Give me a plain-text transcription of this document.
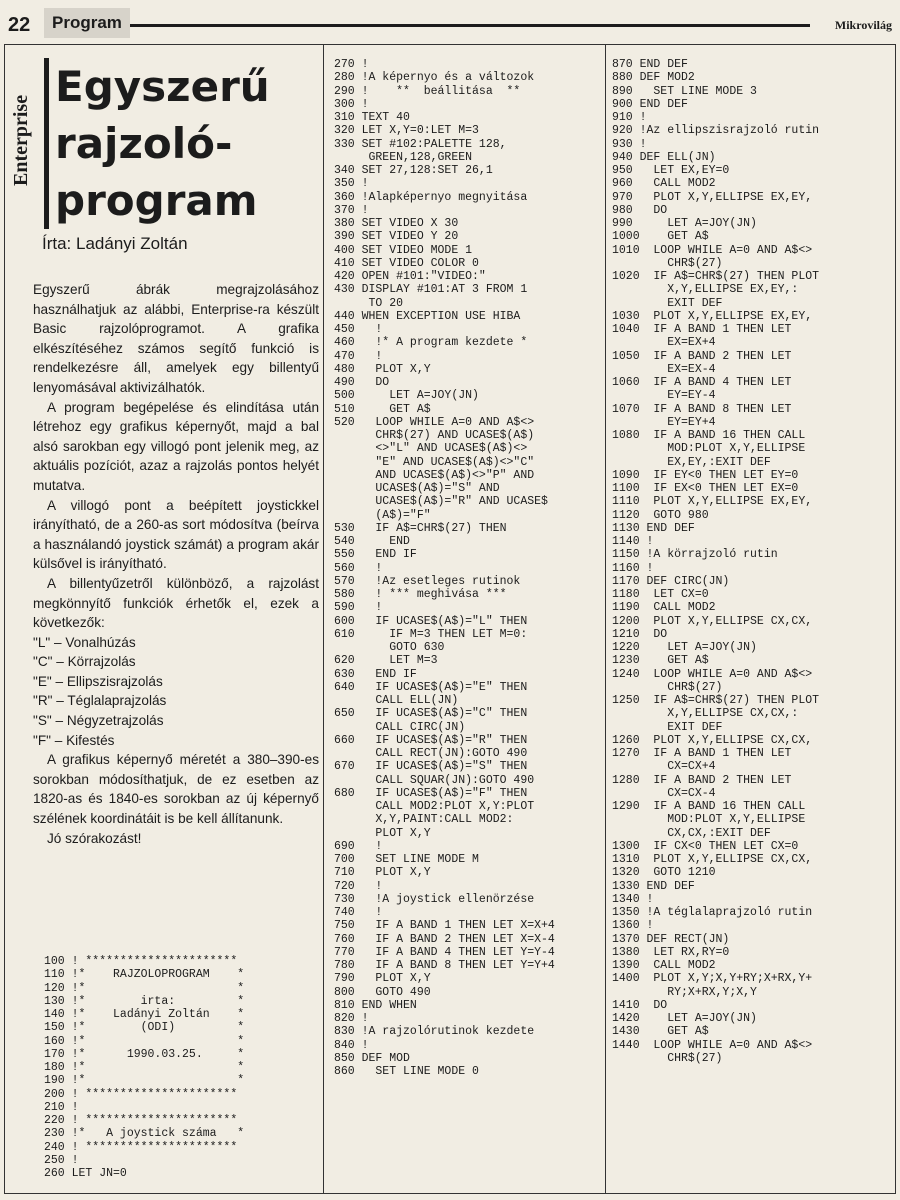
22	Program	Mikrovilág
Enterprise
Egyszerű
rajzoló-
program
Írta: Ladányi Zoltán

Egyszerű ábrák megrajzolásához használhatjuk az alábbi, Enterprise-ra készült Basic rajzolóprogramot. A grafika elkészítéséhez számos segítő funkció is rendelkezésre áll, amelyek egy billentyű lenyomásával aktivizálhatók.

A program begépelése és elindítása után létrehoz egy grafikus képernyőt, majd a bal alsó sarokban egy villogó pont jelenik meg, az aktuális pozíciót, azaz a rajzolás pontos helyét mutatva.

A villogó pont a beépített joystickkel irányítható, de a 260-as sort módosítva (beírva a használandó joystick számát) a program akár külsővel is irányítható.

A billentyűzetről különböző, a rajzolást megkönnyítő funkciók érhetők el, ezek a következők:

"L" – Vonalhúzás
"C" – Körrajzolás
"E" – Ellipszisrajzolás
"R" – Téglalaprajzolás
"S" – Négyzetrajzolás
"F" – Kifestés

A grafikus képernyő méretét a 380–390-es sorokban módosíthatjuk, de ez esetben az 1820-as és 1840-es sorokban az új képernyő szélének koordinátáit is be kell állítanunk.

Jó szórakozást!

100 ! **********************
110 !*    RAJZOLOPROGRAM    *
120 !*                      *
130 !*        irta:         *
140 !*    Ladányi Zoltán    *
150 !*        (ODI)         *
160 !*                      *
170 !*      1990.03.25.     *
180 !*                      *
190 !*                      *
200 ! **********************
210 !
220 ! **********************
230 !*   A joystick száma   *
240 ! **********************
250 !
260 LET JN=0
270 !
280 !A képernyo és a változok
290 !    **  beállitása  **
300 !
310 TEXT 40
320 LET X,Y=0:LET M=3
330 SET #102:PALETTE 128,
GREEN,128,GREEN
340 SET 27,128:SET 26,1
350 !
360 !Alapképernyo megnyitása
370 !
380 SET VIDEO X 30
390 SET VIDEO Y 20
400 SET VIDEO MODE 1
410 SET VIDEO COLOR 0
420 OPEN #101:"VIDEO:"
430 DISPLAY #101:AT 3 FROM 1
TO 20
440 WHEN EXCEPTION USE HIBA
450   !
460   !* A program kezdete *
470   !
480   PLOT X,Y
490   DO
500     LET A=JOY(JN)
510     GET A$
520   LOOP WHILE A=0 AND A$<>
CHR$(27) AND UCASE$(A$)
<>"L" AND UCASE$(A$)<>
"E" AND UCASE$(A$)<>"C"
AND UCASE$(A$)<>"P" AND
UCASE$(A$)="S" AND
UCASE$(A$)="R" AND UCASE$
(A$)="F"
530   IF A$=CHR$(27) THEN
540     END
550   END IF
560   !
570   !Az esetleges rutinok
580   ! *** meghivása ***
590   !
600   IF UCASE$(A$)="L" THEN
610     IF M=3 THEN LET M=0:
GOTO 630
620     LET M=3
630   END IF
640   IF UCASE$(A$)="E" THEN
CALL ELL(JN)
650   IF UCASE$(A$)="C" THEN
CALL CIRC(JN)
660   IF UCASE$(A$)="R" THEN
CALL RECT(JN):GOTO 490
670   IF UCASE$(A$)="S" THEN
CALL SQUAR(JN):GOTO 490
680   IF UCASE$(A$)="F" THEN
CALL MOD2:PLOT X,Y:PLOT
X,Y,PAINT:CALL MOD2:
PLOT X,Y
690   !
700   SET LINE MODE M
710   PLOT X,Y
720   !
730   !A joystick ellenörzése
740   !
750   IF A BAND 1 THEN LET X=X+4
760   IF A BAND 2 THEN LET X=X-4
770   IF A BAND 4 THEN LET Y=Y-4
780   IF A BAND 8 THEN LET Y=Y+4
790   PLOT X,Y
800   GOTO 490
810 END WHEN
820 !
830 !A rajzolórutinok kezdete
840 !
850 DEF MOD
860   SET LINE MODE 0
870 END DEF
880 DEF MOD2
890   SET LINE MODE 3
900 END DEF
910 !
920 !Az ellipszisrajzoló rutin
930 !
940 DEF ELL(JN)
950   LET EX,EY=0
960   CALL MOD2
970   PLOT X,Y,ELLIPSE EX,EY,
980   DO
990     LET A=JOY(JN)
1000    GET A$
1010  LOOP WHILE A=0 AND A$<>
CHR$(27)
1020  IF A$=CHR$(27) THEN PLOT
X,Y,ELLIPSE EX,EY,:
EXIT DEF
1030  PLOT X,Y,ELLIPSE EX,EY,
1040  IF A BAND 1 THEN LET
EX=EX+4
1050  IF A BAND 2 THEN LET
EX=EX-4
1060  IF A BAND 4 THEN LET
EY=EY-4
1070  IF A BAND 8 THEN LET
EY=EY+4
1080  IF A BAND 16 THEN CALL
MOD:PLOT X,Y,ELLIPSE
EX,EY,:EXIT DEF
1090  IF EY<0 THEN LET EY=0
1100  IF EX<0 THEN LET EX=0
1110  PLOT X,Y,ELLIPSE EX,EY,
1120  GOTO 980
1130 END DEF
1140 !
1150 !A körrajzoló rutin
1160 !
1170 DEF CIRC(JN)
1180  LET CX=0
1190  CALL MOD2
1200  PLOT X,Y,ELLIPSE CX,CX,
1210  DO
1220    LET A=JOY(JN)
1230    GET A$
1240  LOOP WHILE A=0 AND A$<>
CHR$(27)
1250  IF A$=CHR$(27) THEN PLOT
X,Y,ELLIPSE CX,CX,:
EXIT DEF
1260  PLOT X,Y,ELLIPSE CX,CX,
1270  IF A BAND 1 THEN LET
CX=CX+4
1280  IF A BAND 2 THEN LET
CX=CX-4
1290  IF A BAND 16 THEN CALL
MOD:PLOT X,Y,ELLIPSE
CX,CX,:EXIT DEF
1300  IF CX<0 THEN LET CX=0
1310  PLOT X,Y,ELLIPSE CX,CX,
1320  GOTO 1210
1330 END DEF
1340 !
1350 !A téglalaprajzoló rutin
1360 !
1370 DEF RECT(JN)
1380  LET RX,RY=0
1390  CALL MOD2
1400  PLOT X,Y;X,Y+RY;X+RX,Y+
RY;X+RX,Y;X,Y
1410  DO
1420    LET A=JOY(JN)
1430    GET A$
1440  LOOP WHILE A=0 AND A$<>
CHR$(27)
